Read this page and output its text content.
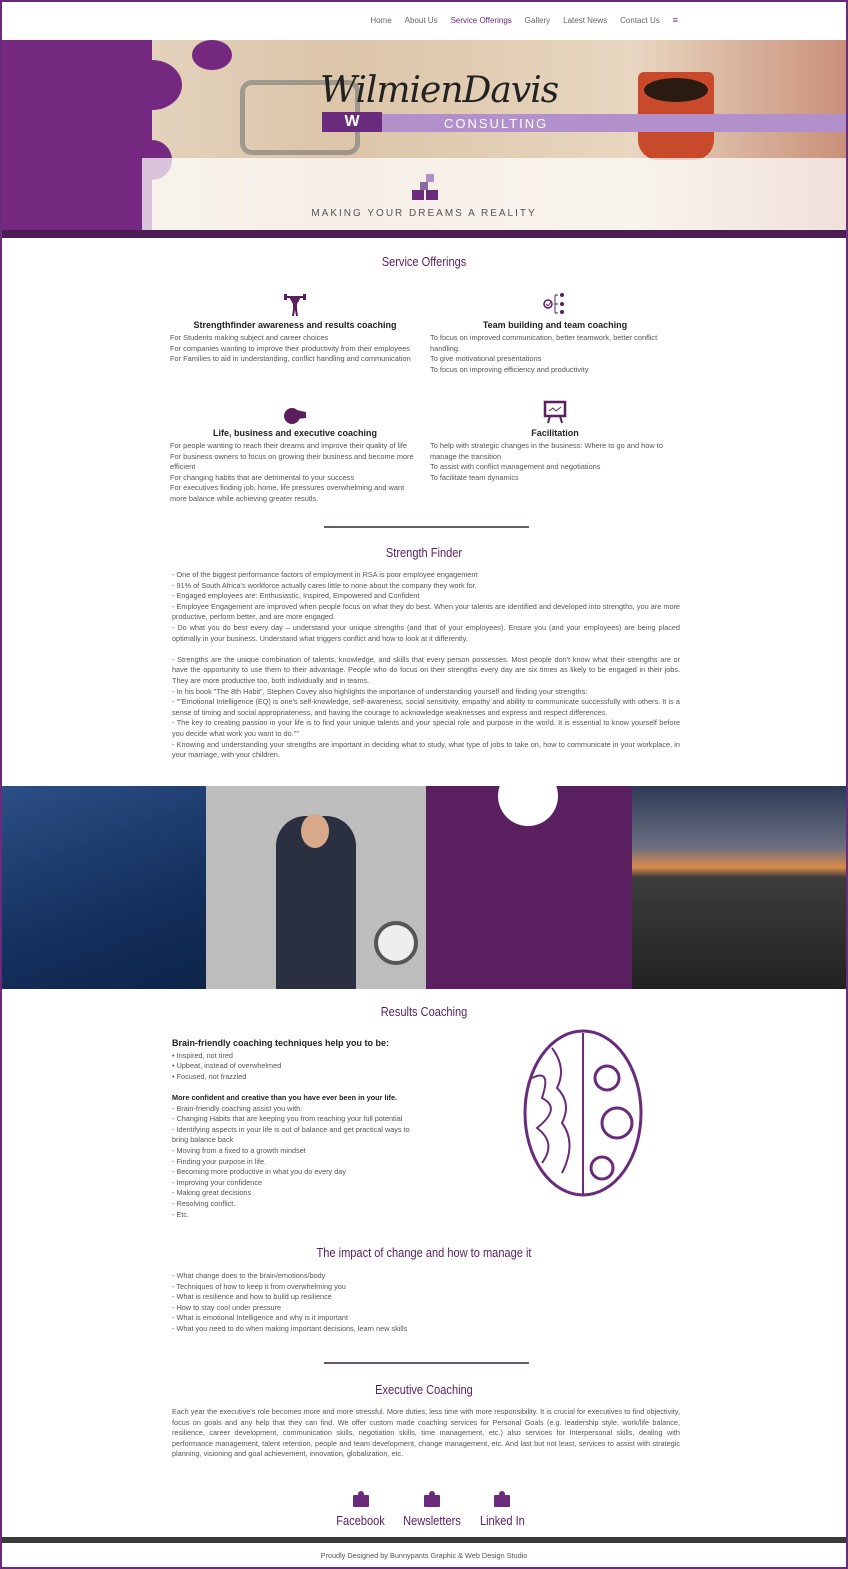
Home About Us Service Offerings Gallery Latest News Contact Us ≡
WilmienDavis
W	CONSULTING
MAKING YOUR DREAMS A REALITY
Service Offerings
Strengthfinder awareness and results coaching

For Students making subject and career choices
For companies wanting to improve their productivity from their employees
For Families to aid in understanding, conflict handling and communication

Team building and team coaching

To focus on improved communication, better teamwork, better conflict handling.
To give motivational presentations
To focus on improving efficiency and productivity

Life, business and executive coaching

For people wanting to reach their dreams and improve their quality of life
For business owners to focus on growing their business and become more efficient
For changing habits that are detrimental to your success
For executives finding job, home, life pressures overwhelming and want more balance while achieving greater resutls.

Facilitation

To help with strategic changes in the business: Where to go and how to manage the transition
To assist with conflict management and negotiations
To facilitate team dynamics

Strength Finder

- One of the biggest performance factors of employment in RSA is poor employee engagement

- 91% of South Africa's workforce actually cares little to none about the company they work for.

- Engaged employees are: Enthusiastic, Inspired, Empowered and Confident

- Employee Engagement are improved when people focus on what they do best. When your talents are identified and developed into strengths, you are more productive, perform better, and are more engaged.

- Do what you do best every day – understand your unique strengths (and that of your employees). Ensure you (and your employees) are being placed optimally in your business. Understand what triggers conflict and how to look at it differently.

- Strengths are the unique combination of talents, knowledge, and skills that every person possesses. Most people don't know what their strengths are or have the opportunity to use them to their advantage. People who do focus on their strengths every day are six times as likely to be engaged in their jobs. They are more productive too, both individually and in teams.

- In his book "The 8th Habit", Stephen Covey also highlights the importance of understanding yourself and finding your strengths:

- ""Emotional Intelligence (EQ) is one's self-knowledge, self-awareness, social sensitivity, empathy and ability to communicate successfully with others. It is a sense of timing and social appropriateness, and having the courage to acknowledge weaknesses and express and respect differences.

- The key to creating passion in your life is to find your unique talents and your special role and purpose in the world. It is essential to know yourself before you decide what work you want to do.""

- Knowing and understanding your strengths are important in deciding what to study, what type of jobs to take on, how to communicate in your workplace, in your marriage, with your children.

Results Coaching
Brain-friendly coaching techniques help you to be:

• Inspired, not tired

• Upbeat, instead of overwhelmed

• Focused, not frazzled

More confident and creative than you have ever been in your life.

- Brain-friendly coaching assist you with:

- Changing Habits that are keeping you from reaching your full potential

- Identifying aspects in your life is out of balance and get practical ways to bring balance back

- Moving from a fixed to a growth mindset

- Finding your purpose in life.

- Becoming more productive in what you do every day

- Improving your confidence

- Making great decisions

- Resolving conflict.

- Etc.

The impact of change and how to manage it

- What change does to the brain/emotions/body

- Techniques of how to keep it from overwhelming you

- What is resilience and how to build up resilience

- How to stay cool under pressure

- What is emotional Intelligence and why is it important

- What you need to do when making important decisions, learn new skills

Executive Coaching
Each year the executive's role becomes more and more stressful. More duties, less time with more responsibility. It is crucial for executives to find objectivity, focus on goals and any help that they can find. We offer custom made coaching services for Personal Goals (e.g. leadership style, work/life balance, resilience, career development, communication skills, negotiation skills, time management, etc.) also services for Interpersonal skills, dealing with performance management, talent retention, people and team development, change management, etc. And last but not least, services to assist with strategic planning, visioning and goal achievement, innovation, globalization, etc.
Facebook Newsletters Linked In
Proudly Designed by Bunnypants Graphic & Web Design Studio
